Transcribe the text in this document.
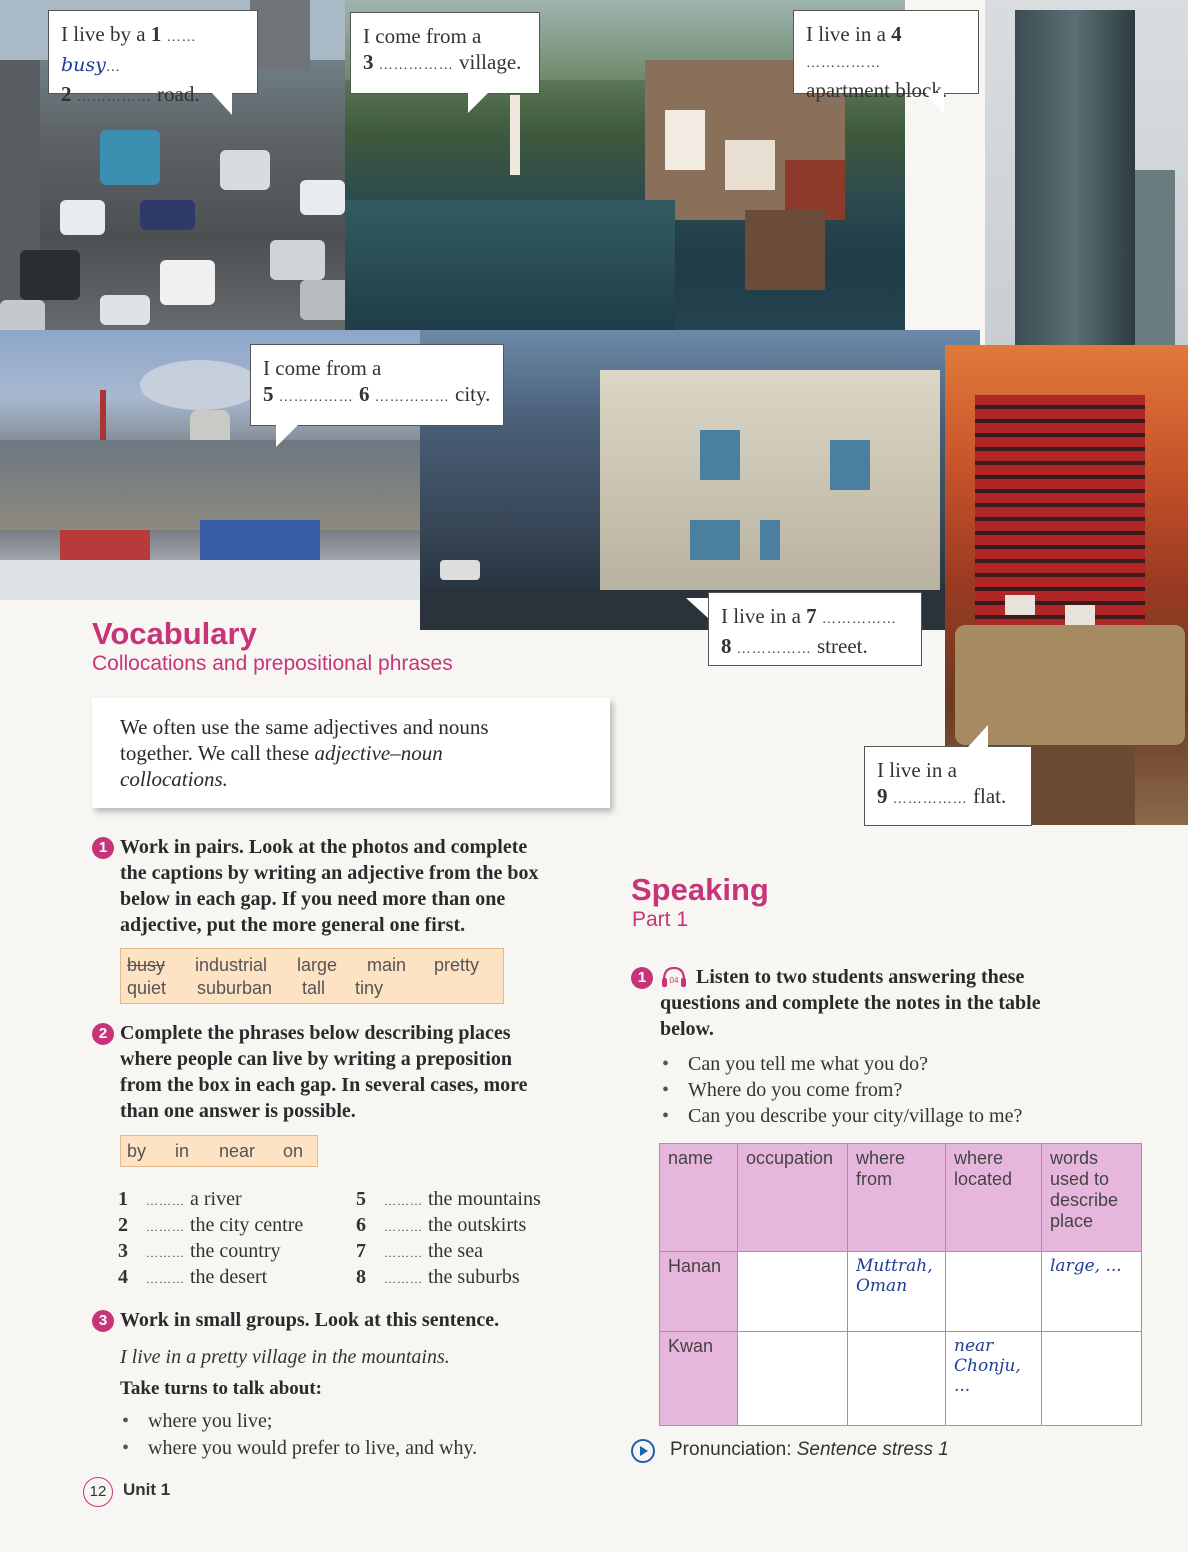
I live by a 1 ……busy…
2 …………… road.
I come from a
3 …………… village.
I live in a 4 ……………
apartment block.
I come from a
5 …………… 6 …………… city.
I live in a 7 ……………
8 …………… street.
I live in a
9 …………… flat.
Vocabulary
Collocations and prepositional phrases
We often use the same adjectives and nouns
together. We call these adjective–noun
collocations.
1 Work in pairs. Look at the photos and complete
the captions by writing an adjective from the box
below in each gap. If you need more than one
adjective, put the more general one first.
busy industrial large main pretty
quiet suburban tall tiny
2 Complete the phrases below describing places
where people can live by writing a preposition
from the box in each gap. In several cases, more
than one answer is possible.
by in near on
1 ……… a river
2 ……… the city centre
3 ……… the country
4 ……… the desert
5 ……… the mountains
6 ……… the outskirts
7 ……… the sea
8 ……… the suburbs
3 Work in small groups. Look at this sentence.
I live in a pretty village in the mountains.
Take turns to talk about:
• where you live;
• where you would prefer to live, and why.
12 Unit 1
Speaking
Part 1
1	04 Listen to two students answering these
questions and complete the notes in the table
below.
• Can you tell me what you do?
• Where do you come from?
• Can you describe your city/village to me?
name	occupation	where from	where located	words used to describe place
Hanan		Muttrah, Oman		large, ...
Kwan			near Chonju, ...	
Pronunciation: Sentence stress 1
